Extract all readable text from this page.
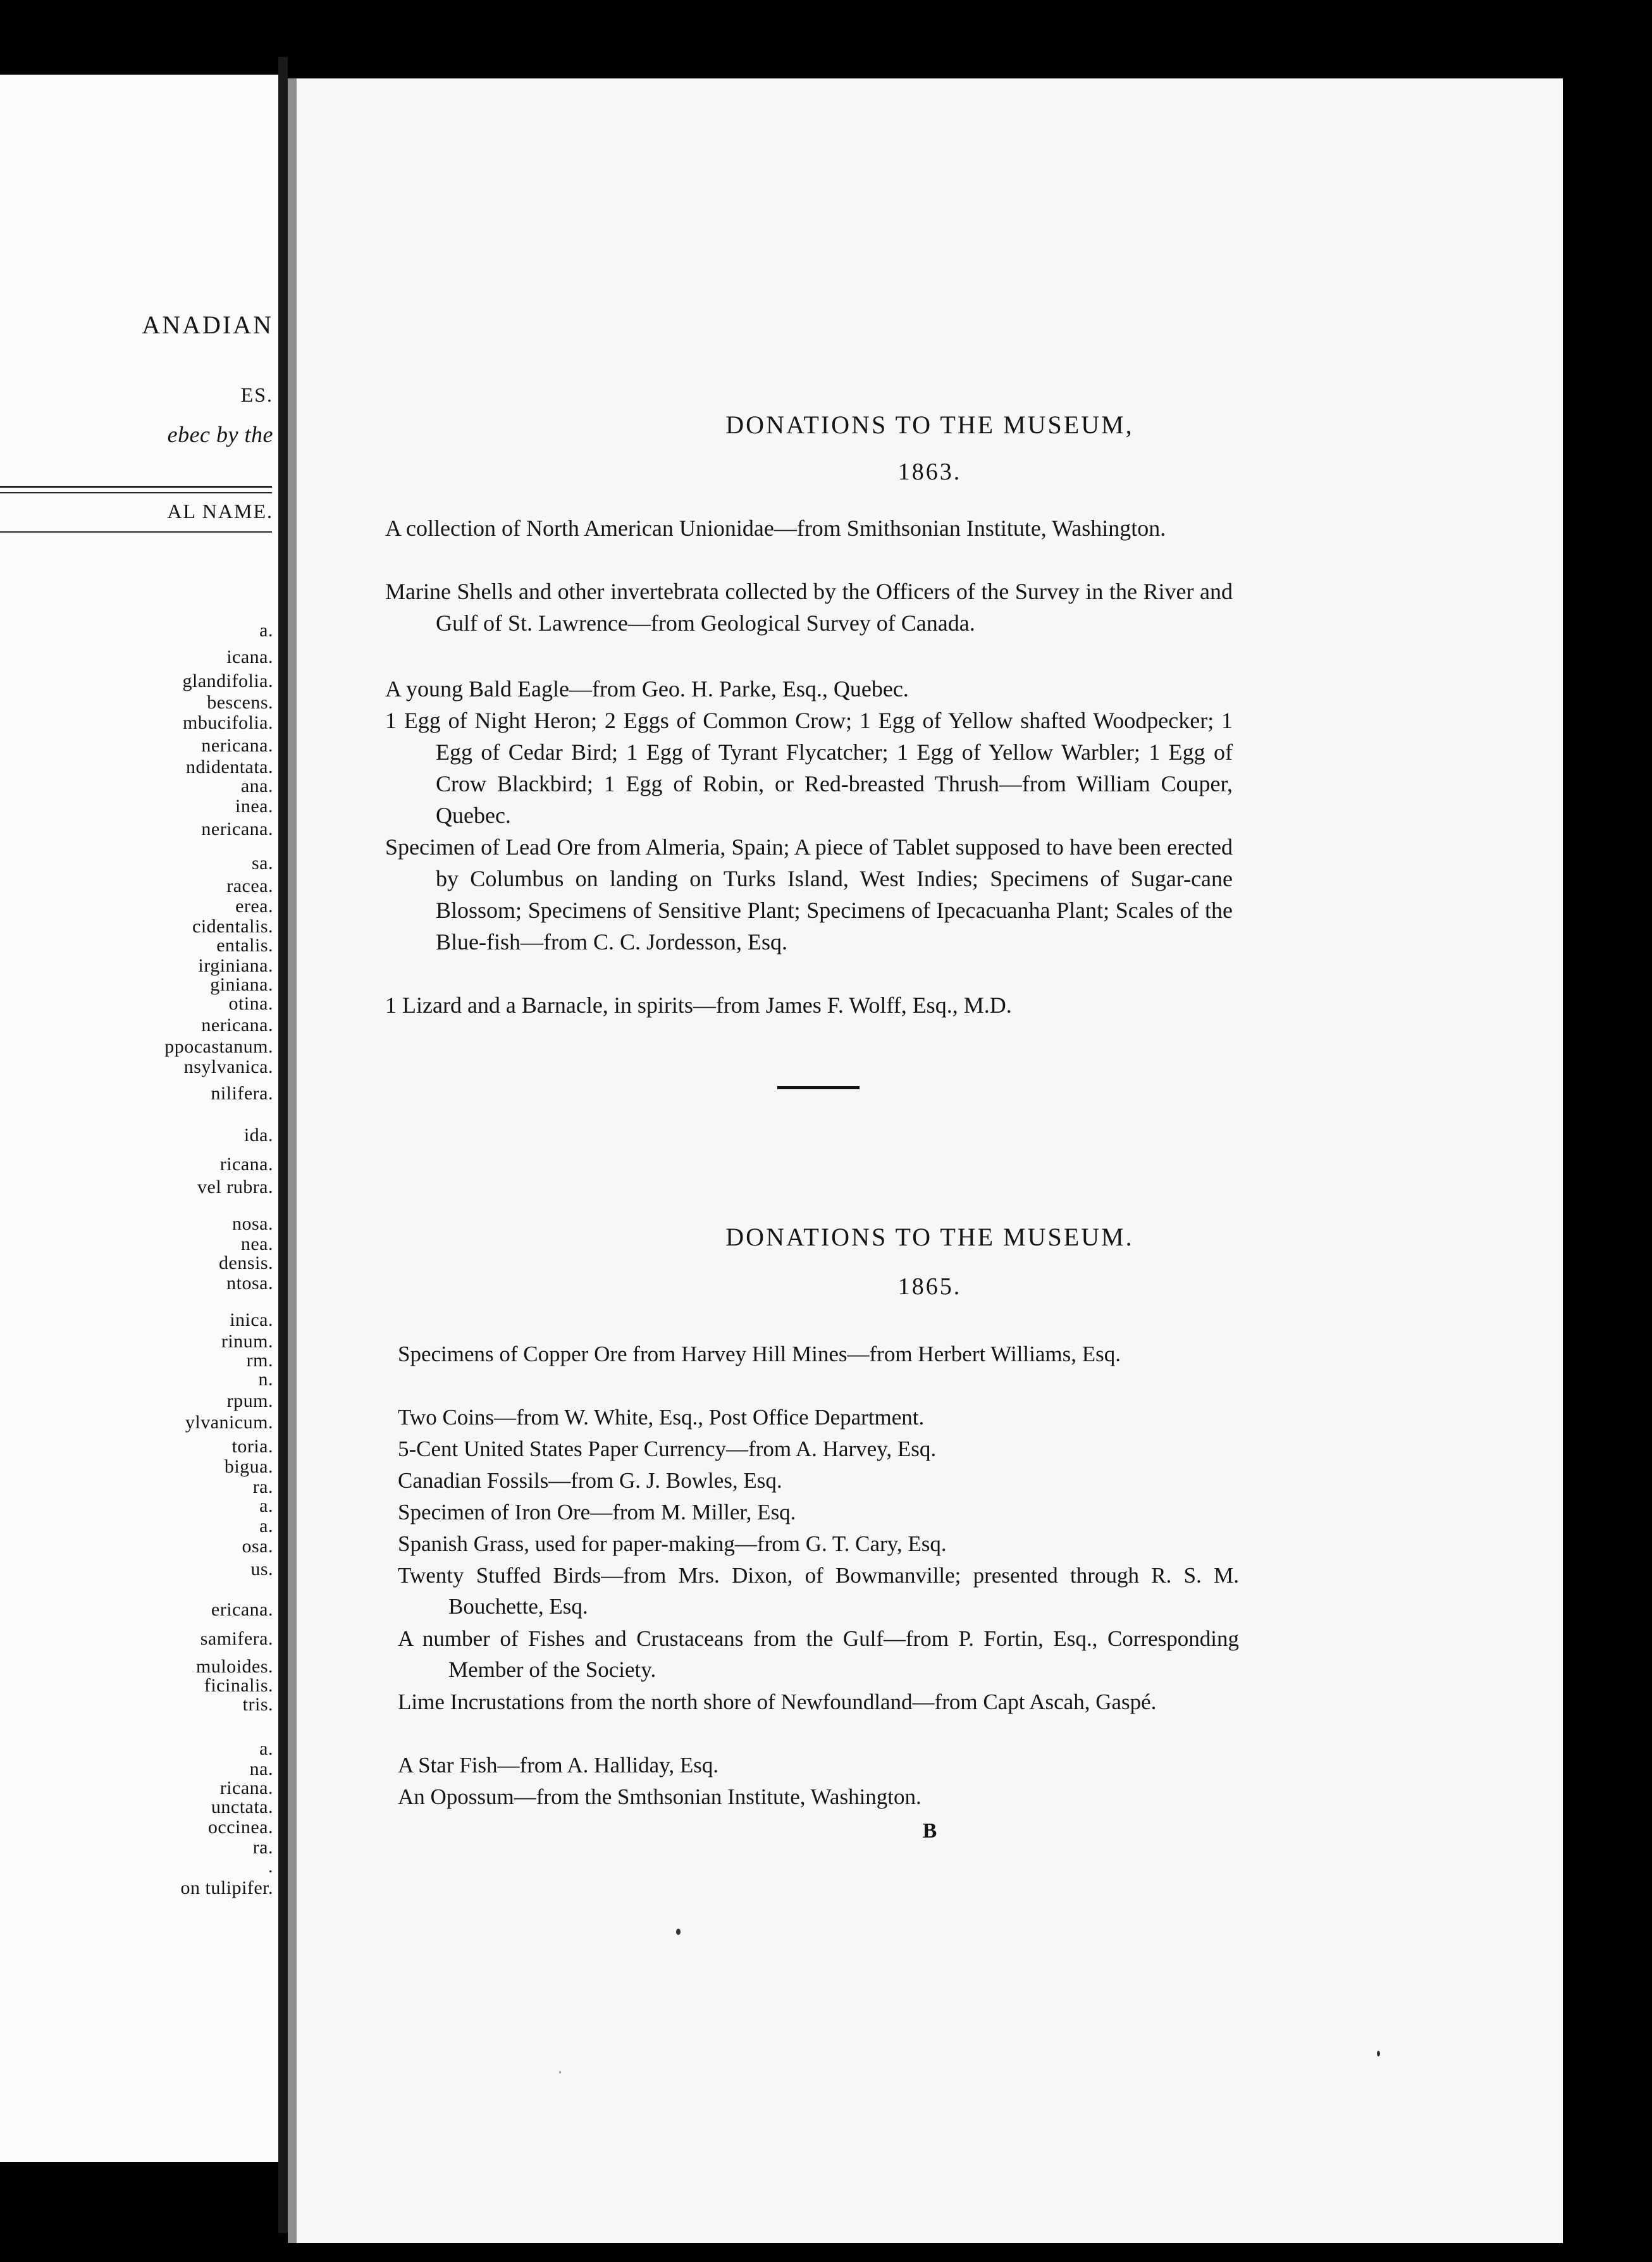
ANADIAN
ES.
ebec by the
AL NAME.
a.
icana.
glandifolia.
bescens.
mbucifolia.
nericana.
ndidentata.
ana.
inea.
nericana.
sa.
racea.
erea.
cidentalis.
entalis.
irginiana.
giniana.
otina.
nericana.
ppocastanum.
nsylvanica.
nilifera.
ida.
ricana.
vel rubra.
nosa.
nea.
densis.
ntosa.
inica.
rinum.
rm.
n.
rpum.
ylvanicum.
toria.
bigua.
ra.
a.
a.
osa.
us.
ericana.
samifera.
muloides.
ficinalis.
tris.
a.
na.
ricana.
unctata.
occinea.
ra.
.
on tulipifer.
DONATIONS TO THE MUSEUM,
1863.
A collection of North American Unionidae—from Smithsonian Institute, Washington.
Marine Shells and other invertebrata collected by the Officers of the Survey in the River and Gulf of St. Lawrence—from Geological Survey of Canada.
A young Bald Eagle—from Geo. H. Parke, Esq., Quebec.
1 Egg of Night Heron; 2 Eggs of Common Crow; 1 Egg of Yellow shafted Woodpecker; 1 Egg of Cedar Bird; 1 Egg of Tyrant Flycatcher; 1 Egg of Yellow Warbler; 1 Egg of Crow Blackbird; 1 Egg of Robin, or Red-breasted Thrush—from William Couper, Quebec.
Specimen of Lead Ore from Almeria, Spain; A piece of Tablet supposed to have been erected by Columbus on landing on Turks Island, West Indies; Specimens of Sugar-cane Blossom; Specimens of Sensitive Plant; Specimens of Ipecacuanha Plant; Scales of the Blue-fish—from C. C. Jordesson, Esq.
1 Lizard and a Barnacle, in spirits—from James F. Wolff, Esq., M.D.
DONATIONS TO THE MUSEUM.
1865.
Specimens of Copper Ore from Harvey Hill Mines—from Herbert Williams, Esq.
Two Coins—from W. White, Esq., Post Office Department.
5-Cent United States Paper Currency—from A. Harvey, Esq.
Canadian Fossils—from G. J. Bowles, Esq.
Specimen of Iron Ore—from M. Miller, Esq.
Spanish Grass, used for paper-making—from G. T. Cary, Esq.
Twenty Stuffed Birds—from Mrs. Dixon, of Bowmanville; presented through R. S. M. Bouchette, Esq.
A number of Fishes and Crustaceans from the Gulf—from P. Fortin, Esq., Corresponding Member of the Society.
Lime Incrustations from the north shore of Newfoundland—from Capt Ascah, Gaspé.
A Star Fish—from A. Halliday, Esq.
An Opossum—from the Smthsonian Institute, Washington.
B
